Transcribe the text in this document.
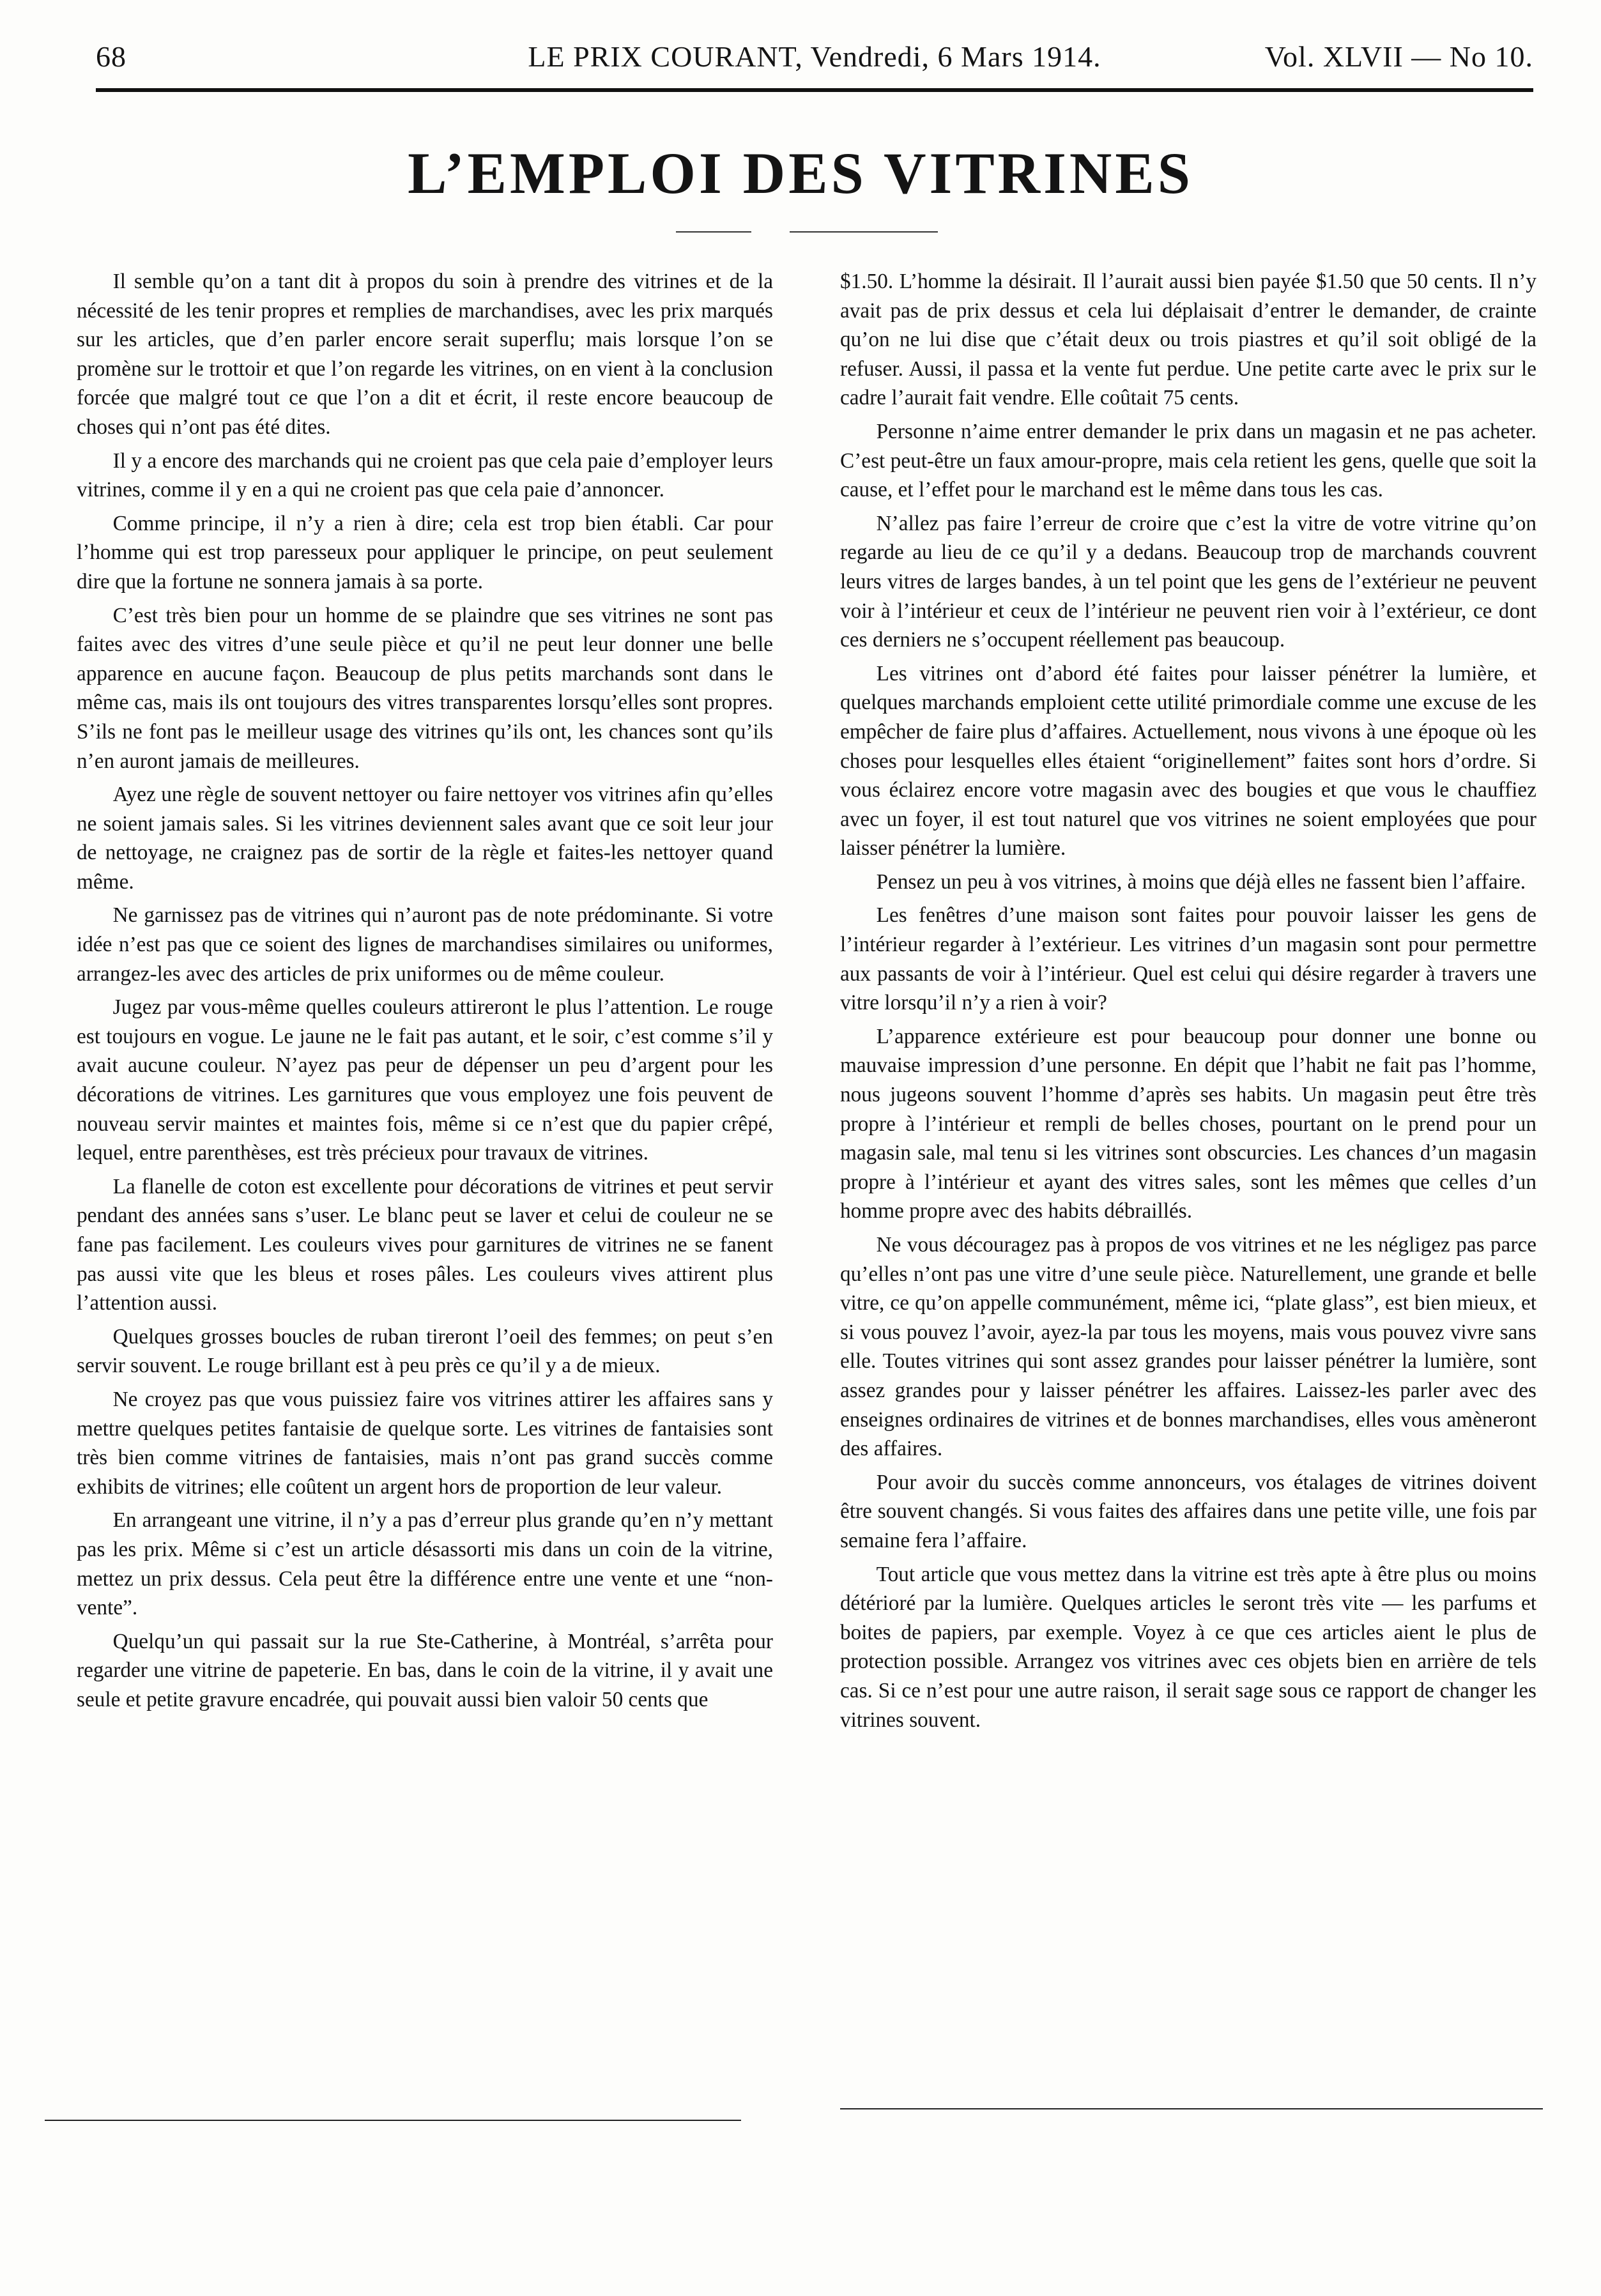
68	LE PRIX COURANT, Vendredi, 6 Mars 1914.	Vol. XLVII — No 10.
L’EMPLOI DES VITRINES

Il semble qu’on a tant dit à propos du soin à prendre des vitrines et de la nécessité de les tenir propres et remplies de marchandises, avec les prix marqués sur les articles, que d’en parler encore serait superflu; mais lorsque l’on se promène sur le trottoir et que l’on regarde les vitrines, on en vient à la conclusion forcée que malgré tout ce que l’on a dit et écrit, il reste encore beaucoup de choses qui n’ont pas été dites.

Il y a encore des marchands qui ne croient pas que cela paie d’employer leurs vitrines, comme il y en a qui ne croient pas que cela paie d’annoncer.

Comme principe, il n’y a rien à dire; cela est trop bien établi. Car pour l’homme qui est trop paresseux pour appliquer le principe, on peut seulement dire que la fortune ne sonnera jamais à sa porte.

C’est très bien pour un homme de se plaindre que ses vitrines ne sont pas faites avec des vitres d’une seule pièce et qu’il ne peut leur donner une belle apparence en aucune façon. Beaucoup de plus petits marchands sont dans le même cas, mais ils ont toujours des vitres transparentes lorsqu’elles sont propres. S’ils ne font pas le meilleur usage des vitrines qu’ils ont, les chances sont qu’ils n’en auront jamais de meilleures.

Ayez une règle de souvent nettoyer ou faire nettoyer vos vitrines afin qu’elles ne soient jamais sales. Si les vitrines deviennent sales avant que ce soit leur jour de nettoyage, ne craignez pas de sortir de la règle et faites-les nettoyer quand même.

Ne garnissez pas de vitrines qui n’auront pas de note prédominante. Si votre idée n’est pas que ce soient des lignes de marchandises similaires ou uniformes, arrangez-les avec des articles de prix uniformes ou de même couleur.

Jugez par vous-même quelles couleurs attireront le plus l’attention. Le rouge est toujours en vogue. Le jaune ne le fait pas autant, et le soir, c’est comme s’il y avait aucune couleur. N’ayez pas peur de dépenser un peu d’argent pour les décorations de vitrines. Les garnitures que vous employez une fois peuvent de nouveau servir maintes et maintes fois, même si ce n’est que du papier crêpé, lequel, entre parenthèses, est très précieux pour travaux de vitrines.

La flanelle de coton est excellente pour décorations de vitrines et peut servir pendant des années sans s’user. Le blanc peut se laver et celui de couleur ne se fane pas facilement. Les couleurs vives pour garnitures de vitrines ne se fanent pas aussi vite que les bleus et roses pâles. Les couleurs vives attirent plus l’attention aussi.

Quelques grosses boucles de ruban tireront l’oeil des femmes; on peut s’en servir souvent. Le rouge brillant est à peu près ce qu’il y a de mieux.

Ne croyez pas que vous puissiez faire vos vitrines attirer les affaires sans y mettre quelques petites fantaisie de quelque sorte. Les vitrines de fantaisies sont très bien comme vitrines de fantaisies, mais n’ont pas grand succès comme exhibits de vitrines; elle coûtent un argent hors de proportion de leur valeur.

En arrangeant une vitrine, il n’y a pas d’erreur plus grande qu’en n’y mettant pas les prix. Même si c’est un article désassorti mis dans un coin de la vitrine, mettez un prix dessus. Cela peut être la différence entre une vente et une “non-vente”.

Quelqu’un qui passait sur la rue Ste-Catherine, à Montréal, s’arrêta pour regarder une vitrine de papeterie. En bas, dans le coin de la vitrine, il y avait une seule et petite gravure encadrée, qui pouvait aussi bien valoir 50 cents que

$1.50. L’homme la désirait. Il l’aurait aussi bien payée $1.50 que 50 cents. Il n’y avait pas de prix dessus et cela lui déplaisait d’entrer le demander, de crainte qu’on ne lui dise que c’était deux ou trois piastres et qu’il soit obligé de la refuser. Aussi, il passa et la vente fut perdue. Une petite carte avec le prix sur le cadre l’aurait fait vendre. Elle coûtait 75 cents.

Personne n’aime entrer demander le prix dans un magasin et ne pas acheter. C’est peut-être un faux amour-propre, mais cela retient les gens, quelle que soit la cause, et l’effet pour le marchand est le même dans tous les cas.

N’allez pas faire l’erreur de croire que c’est la vitre de votre vitrine qu’on regarde au lieu de ce qu’il y a dedans. Beaucoup trop de marchands couvrent leurs vitres de larges bandes, à un tel point que les gens de l’extérieur ne peuvent voir à l’intérieur et ceux de l’intérieur ne peuvent rien voir à l’extérieur, ce dont ces derniers ne s’occupent réellement pas beaucoup.

Les vitrines ont d’abord été faites pour laisser pénétrer la lumière, et quelques marchands emploient cette utilité primordiale comme une excuse de les empêcher de faire plus d’affaires. Actuellement, nous vivons à une époque où les choses pour lesquelles elles étaient “originellement” faites sont hors d’ordre. Si vous éclairez encore votre magasin avec des bougies et que vous le chauffiez avec un foyer, il est tout naturel que vos vitrines ne soient employées que pour laisser pénétrer la lumière.

Pensez un peu à vos vitrines, à moins que déjà elles ne fassent bien l’affaire.

Les fenêtres d’une maison sont faites pour pouvoir laisser les gens de l’intérieur regarder à l’extérieur. Les vitrines d’un magasin sont pour permettre aux passants de voir à l’intérieur. Quel est celui qui désire regarder à travers une vitre lorsqu’il n’y a rien à voir?

L’apparence extérieure est pour beaucoup pour donner une bonne ou mauvaise impression d’une personne. En dépit que l’habit ne fait pas l’homme, nous jugeons souvent l’homme d’après ses habits. Un magasin peut être très propre à l’intérieur et rempli de belles choses, pourtant on le prend pour un magasin sale, mal tenu si les vitrines sont obscurcies. Les chances d’un magasin propre à l’intérieur et ayant des vitres sales, sont les mêmes que celles d’un homme propre avec des habits débraillés.

Ne vous découragez pas à propos de vos vitrines et ne les négligez pas parce qu’elles n’ont pas une vitre d’une seule pièce. Naturellement, une grande et belle vitre, ce qu’on appelle communément, même ici, “plate glass”, est bien mieux, et si vous pouvez l’avoir, ayez-la par tous les moyens, mais vous pouvez vivre sans elle. Toutes vitrines qui sont assez grandes pour laisser pénétrer la lumière, sont assez grandes pour y laisser pénétrer les affaires. Laissez-les parler avec des enseignes ordinaires de vitrines et de bonnes marchandises, elles vous amèneront des affaires.

Pour avoir du succès comme annonceurs, vos étalages de vitrines doivent être souvent changés. Si vous faites des affaires dans une petite ville, une fois par semaine fera l’affaire.

Tout article que vous mettez dans la vitrine est très apte à être plus ou moins détérioré par la lumière. Quelques articles le seront très vite — les parfums et boites de papiers, par exemple. Voyez à ce que ces articles aient le plus de protection possible. Arrangez vos vitrines avec ces objets bien en arrière de tels cas. Si ce n’est pour une autre raison, il serait sage sous ce rapport de changer les vitrines souvent.
